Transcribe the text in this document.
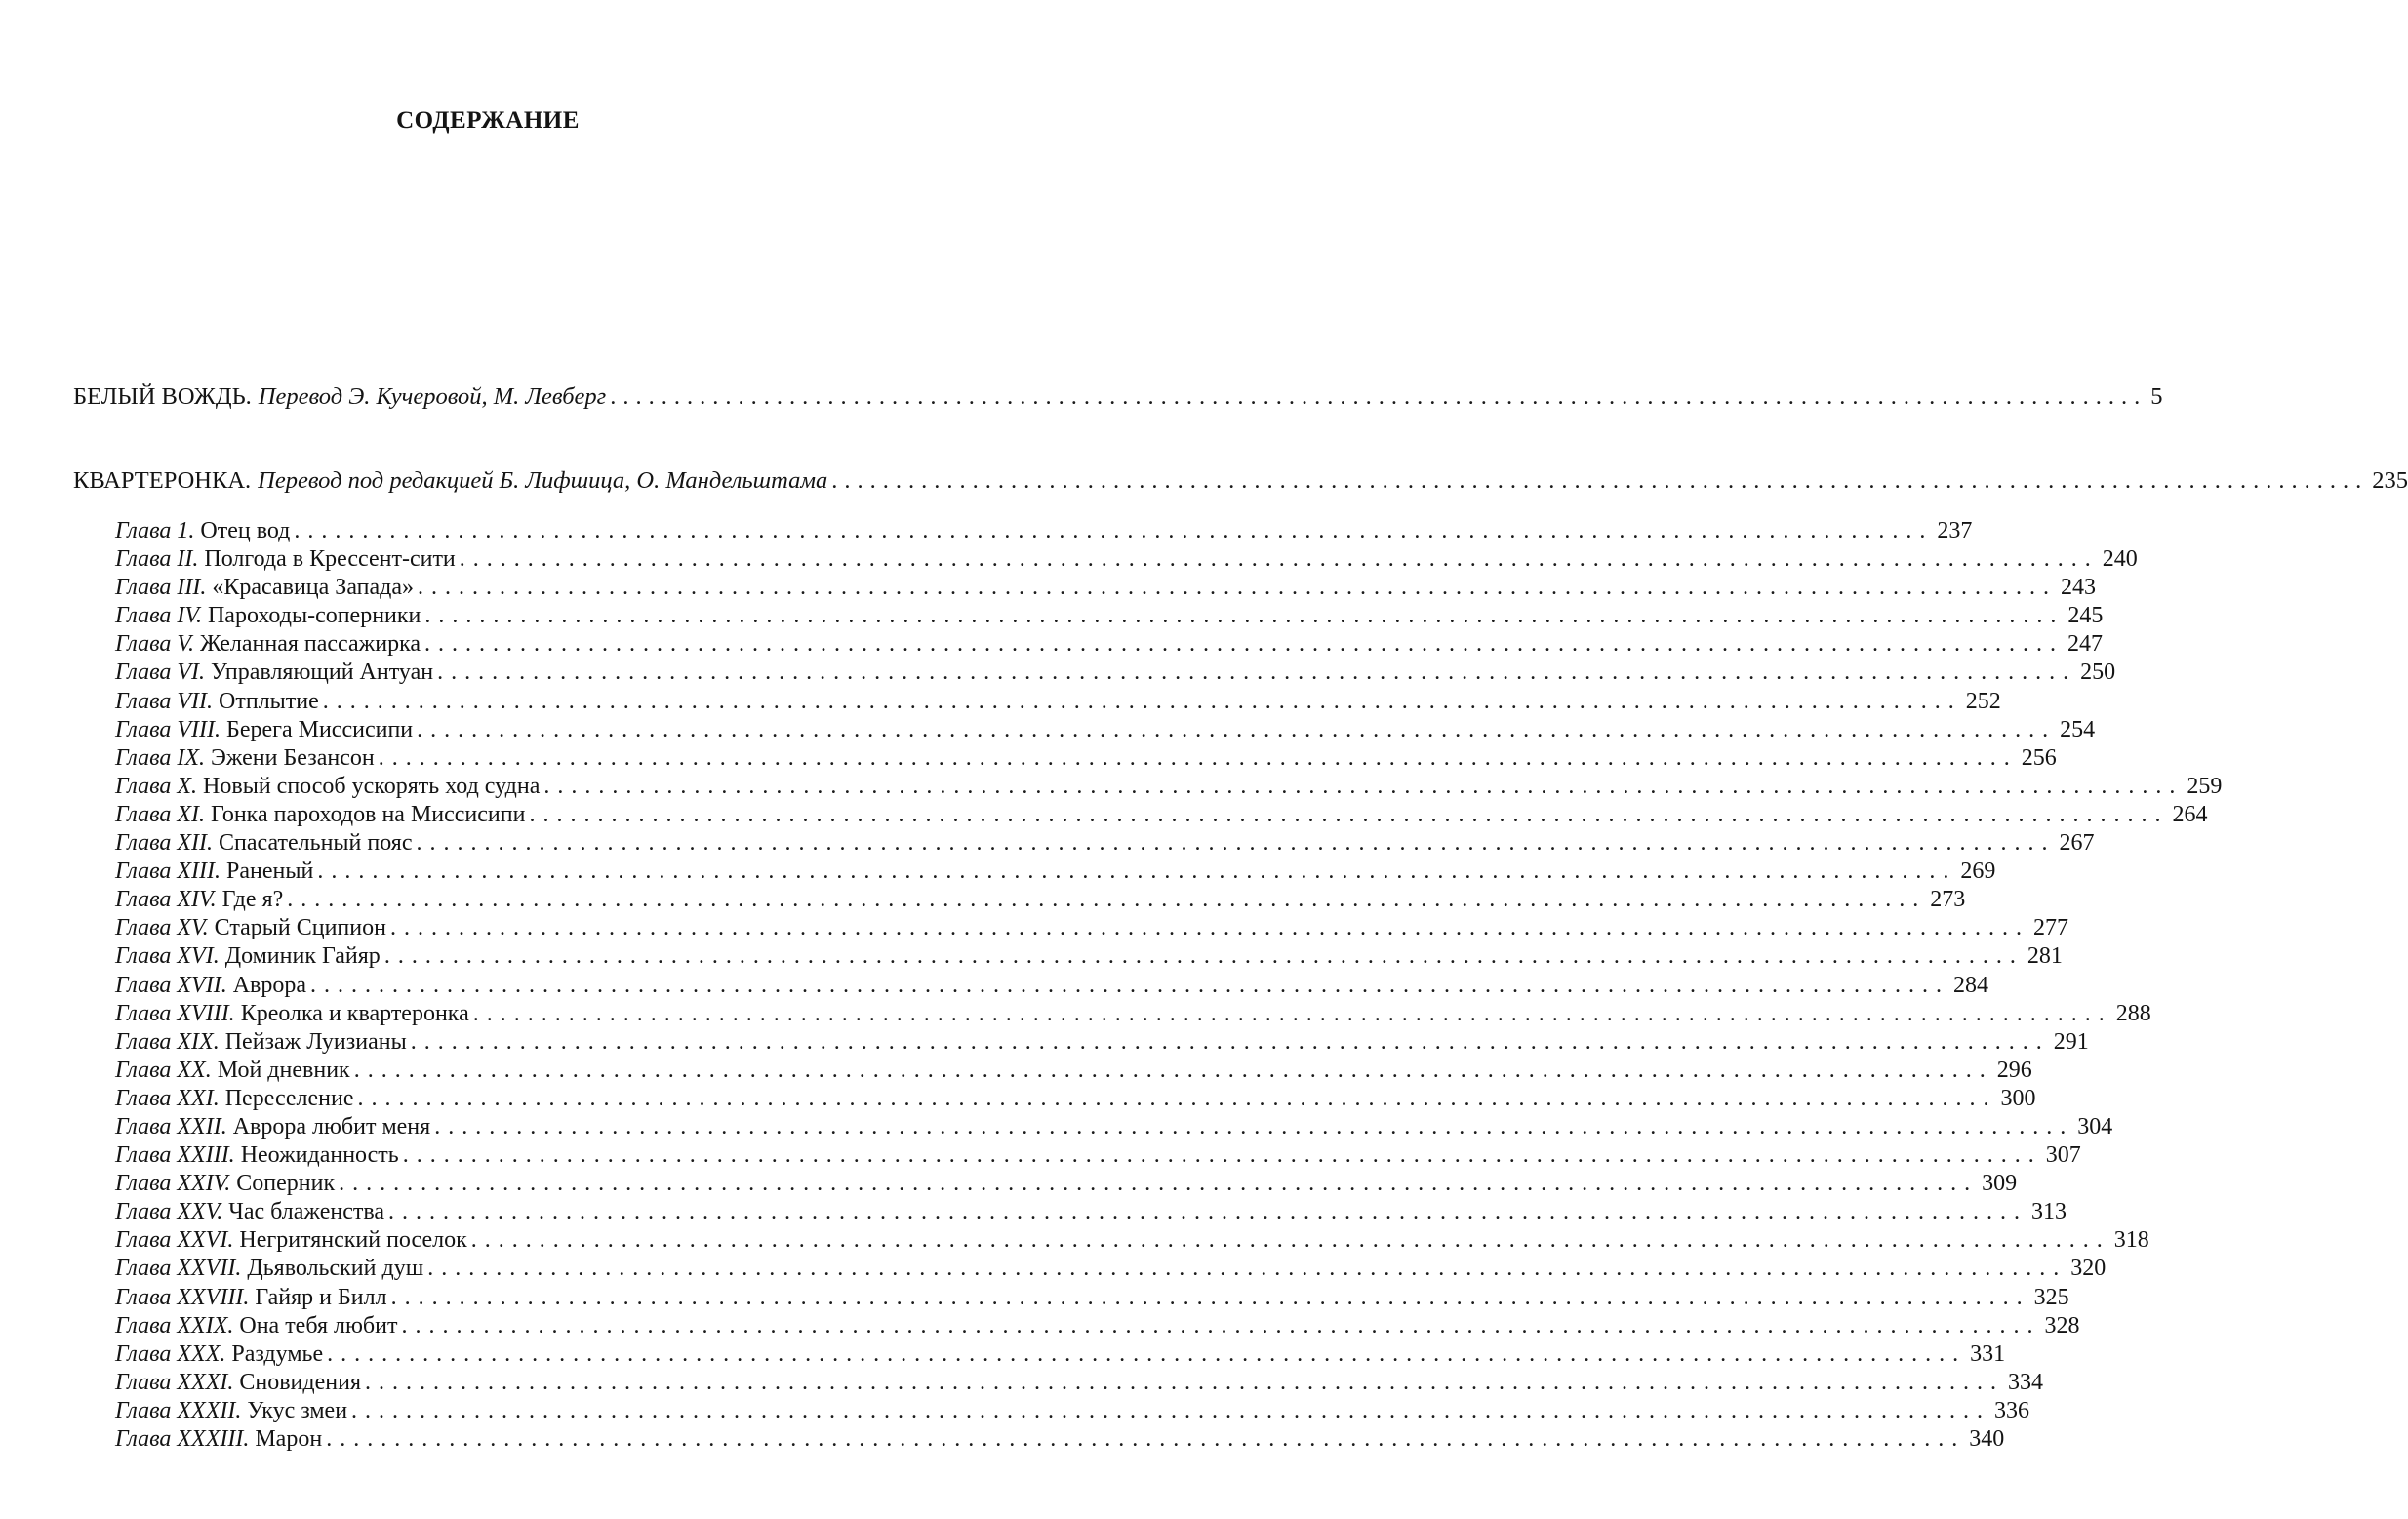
СОДЕРЖАНИЕ
БЕЛЫЙ ВОЖДЬ. Перевод Э. Кучеровой, М. Левберг ........................................................................................................................ 5
КВАРТЕРОНКА. Перевод под редакцией Б. Лифшица, О. Мандельштама ........................................................................................................................ 235
Глава 1. Отец вод ........................................................................................................................ 237
Глава II. Полгода в Крессент-сити ........................................................................................................................ 240
Глава III. «Красавица Запада» ........................................................................................................................ 243
Глава IV. Пароходы-соперники ........................................................................................................................ 245
Глава V. Желанная пассажирка ........................................................................................................................ 247
Глава VI. Управляющий Антуан ........................................................................................................................ 250
Глава VII. Отплытие ........................................................................................................................ 252
Глава VIII. Берега Миссисипи ........................................................................................................................ 254
Глава IX. Эжени Безансон ........................................................................................................................ 256
Глава X. Новый способ ускорять ход судна ........................................................................................................................ 259
Глава XI. Гонка пароходов на Миссисипи ........................................................................................................................ 264
Глава XII. Спасательный пояс ........................................................................................................................ 267
Глава XIII. Раненый ........................................................................................................................ 269
Глава XIV. Где я? ........................................................................................................................ 273
Глава XV. Старый Сципион ........................................................................................................................ 277
Глава XVI. Доминик Гайяр ........................................................................................................................ 281
Глава XVII. Аврора ........................................................................................................................ 284
Глава XVIII. Креолка и квартеронка ........................................................................................................................ 288
Глава XIX. Пейзаж Луизианы ........................................................................................................................ 291
Глава XX. Мой дневник ........................................................................................................................ 296
Глава XXI. Переселение ........................................................................................................................ 300
Глава XXII. Аврора любит меня ........................................................................................................................ 304
Глава XXIII. Неожиданность ........................................................................................................................ 307
Глава XXIV. Соперник ........................................................................................................................ 309
Глава XXV. Час блаженства ........................................................................................................................ 313
Глава XXVI. Негритянский поселок ........................................................................................................................ 318
Глава XXVII. Дьявольский душ ........................................................................................................................ 320
Глава XXVIII. Гайяр и Билл ........................................................................................................................ 325
Глава XXIX. Она тебя любит ........................................................................................................................ 328
Глава XXX. Раздумье ........................................................................................................................ 331
Глава XXXI. Сновидения ........................................................................................................................ 334
Глава XXXII. Укус змеи ........................................................................................................................ 336
Глава XXXIII. Марон ........................................................................................................................ 340
